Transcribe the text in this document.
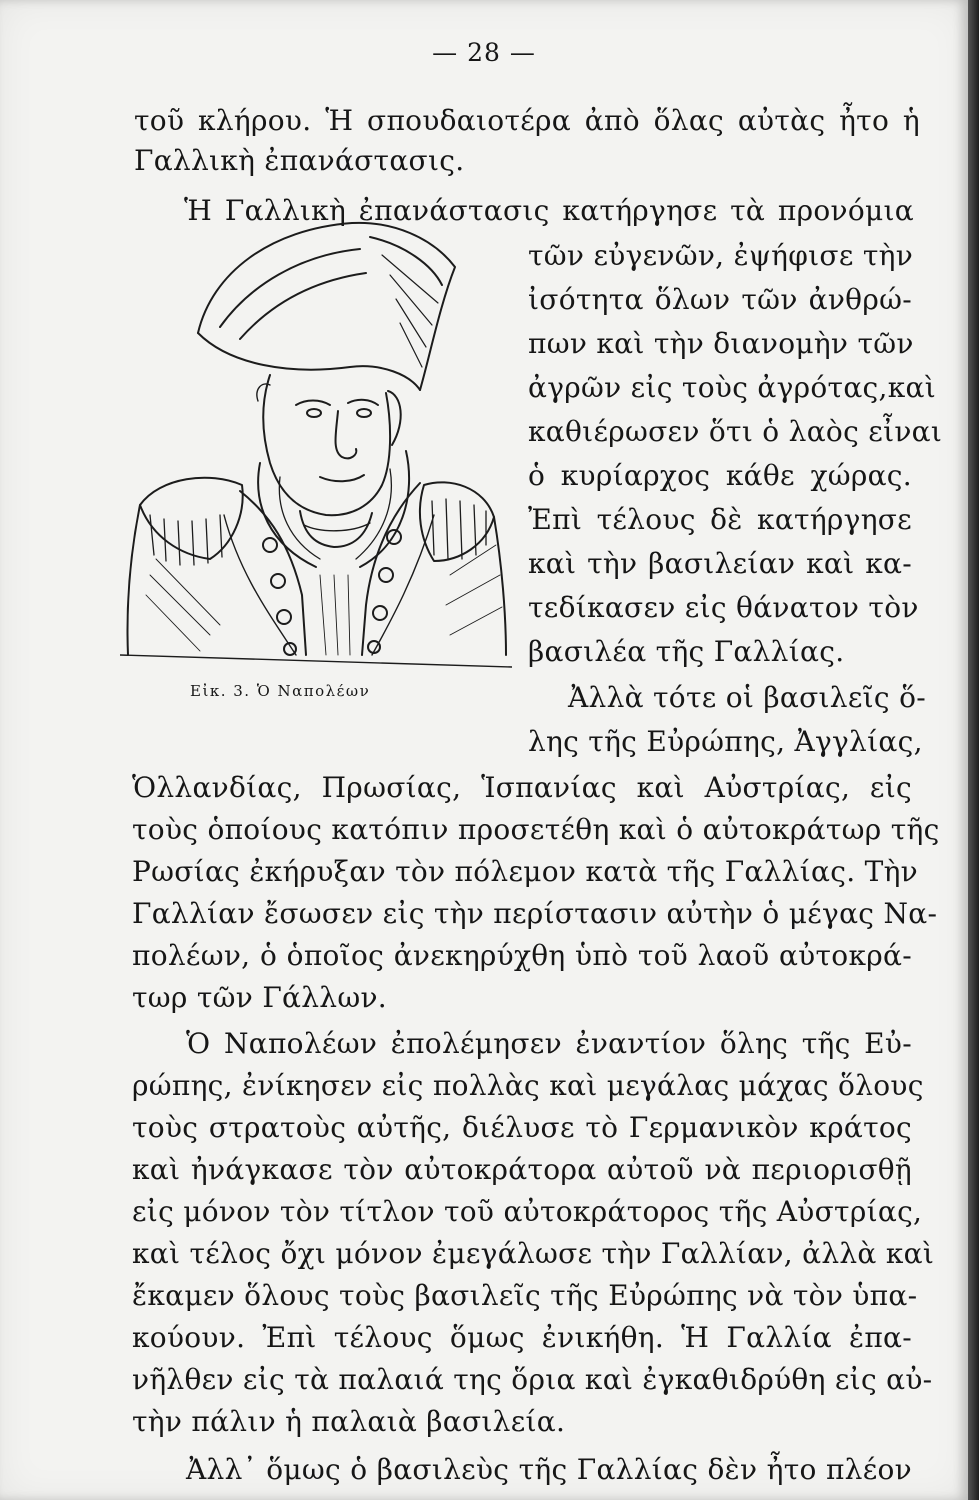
— 28 —
τοῦ κλήρου. Ἡ σπουδαιοτέρα ἀπὸ ὅλας αὐτὰς ἦτο ἡ
Γαλλικὴ ἐπανάστασις.
Ἡ Γαλλικὴ ἐπανάστασις κατήργησε τὰ προνόμια
τῶν εὐγενῶν, ἐψήφισε τὴν
ἰσότητα ὅλων τῶν ἀνθρώ-
πων καὶ τὴν διανομὴν τῶν
ἀγρῶν εἰς τοὺς ἀγρότας,καὶ
καθιέρωσεν ὅτι ὁ λαὸς εἶναι
ὁ κυρίαρχος κάθε χώρας.
Ἐπὶ τέλους δὲ κατήργησε
καὶ τὴν βασιλείαν καὶ κα-
τεδίκασεν εἰς θάνατον τὸν
βασιλέα τῆς Γαλλίας.
Ἀλλὰ τότε οἱ βασιλεῖς ὅ-
λης τῆς Εὐρώπης, Ἀγγλίας,
Ὁλλανδίας, Πρωσίας, Ἱσπανίας καὶ Αὐστρίας, εἰς
τοὺς ὁποίους κατόπιν προσετέθη καὶ ὁ αὐτοκράτωρ τῆς
Ρωσίας ἐκήρυξαν τὸν πόλεμον κατὰ τῆς Γαλλίας. Τὴν
Γαλλίαν ἔσωσεν εἰς τὴν περίστασιν αὐτὴν ὁ μέγας Να-
πολέων, ὁ ὁποῖος ἀνεκηρύχθη ὑπὸ τοῦ λαοῦ αὐτοκρά-
τωρ τῶν Γάλλων.
Ὁ Ναπολέων ἐπολέμησεν ἐναντίον ὅλης τῆς Εὐ-
ρώπης, ἐνίκησεν εἰς πολλὰς καὶ μεγάλας μάχας ὅλους
τοὺς στρατοὺς αὐτῆς, διέλυσε τὸ Γερμανικὸν κράτος
καὶ ἠνάγκασε τὸν αὐτοκράτορα αὐτοῦ νὰ περιορισθῇ
εἰς μόνον τὸν τίτλον τοῦ αὐτοκράτορος τῆς Αὐστρίας,
καὶ τέλος ὄχι μόνον ἐμεγάλωσε τὴν Γαλλίαν, ἀλλὰ καὶ
ἔκαμεν ὅλους τοὺς βασιλεῖς τῆς Εὐρώπης νὰ τὸν ὑπα-
κούουν. Ἐπὶ τέλους ὅμως ἐνικήθη. Ἡ Γαλλία ἐπα-
νῆλθεν εἰς τὰ παλαιά της ὅρια καὶ ἐγκαθιδρύθη εἰς αὐ-
τὴν πάλιν ἡ παλαιὰ βασιλεία.
Ἀλλ᾽ ὅμως ὁ βασιλεὺς τῆς Γαλλίας δὲν ἦτο πλέον
Εἰκ. 3. Ὁ Ναπολέων
